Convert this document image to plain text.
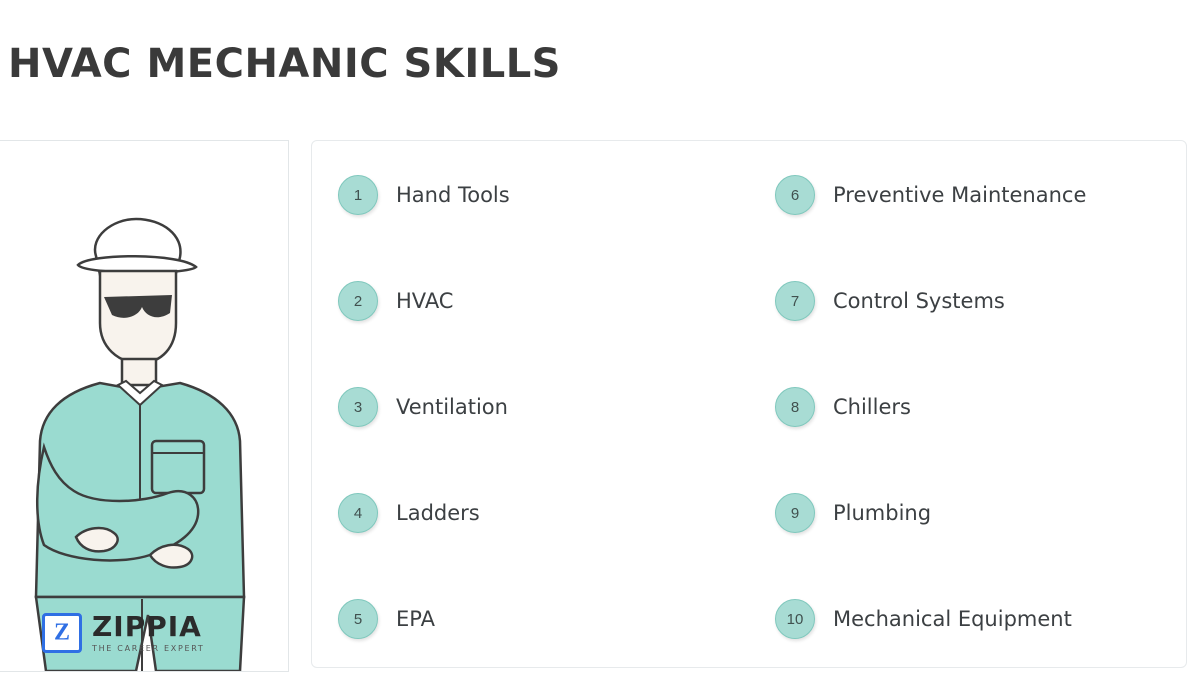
HVAC MECHANIC SKILLS
Z
ZIPPIA
THE CAREER EXPERT
1	Hand Tools
2	HVAC
3	Ventilation
4	Ladders
5	EPA
6	Preventive Maintenance
7	Control Systems
8	Chillers
9	Plumbing
10	Mechanical Equipment
